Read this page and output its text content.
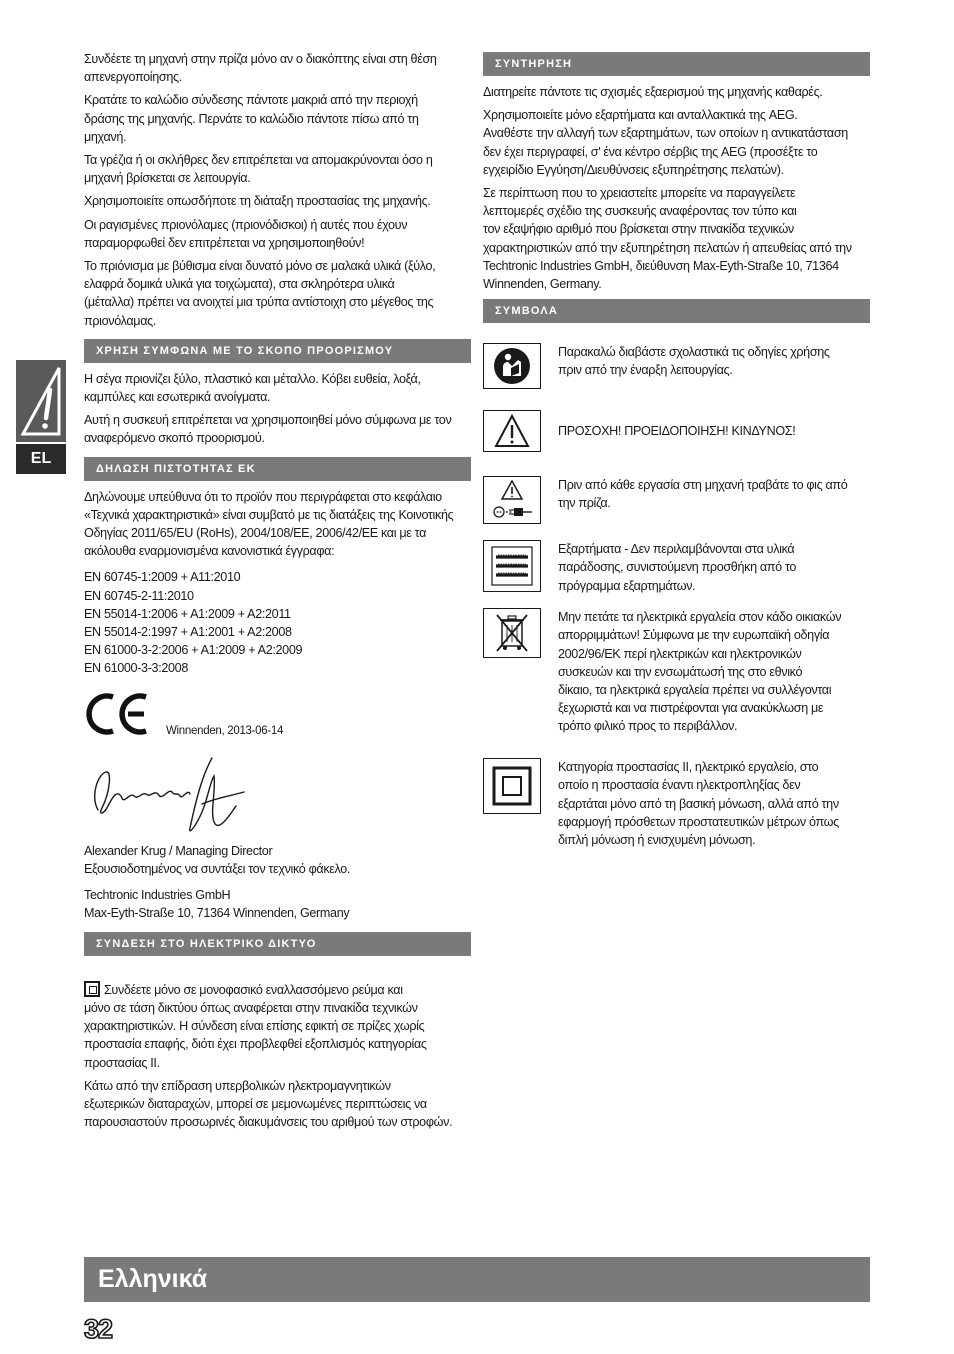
EL

Συνδέετε τη μηχανή στην πρίζα μόνο αν ο διακόπτης είναι στη θέση
απενεργοποίησης.

Κρατάτε το καλώδιο σύνδεσης πάντοτε μακριά από την περιοχή
δράσης της μηχανής. Περνάτε το καλώδιο πάντοτε πίσω από τη
μηχανή.

Τα γρέζια ή οι σκλήθρες δεν επιτρέπεται να απομακρύνονται όσο η
μηχανή βρίσκεται σε λειτουργία.

Χρησιμοποιείτε οπωσδήποτε τη διάταξη προστασίας της μηχανής.

Οι ραγισμένες πριονόλαμες (πριονόδισκοι) ή αυτές που έχουν
παραμορφωθεί δεν επιτρέπεται να χρησιμοποιηθούν!

Το πριόνισμα με βύθισμα είναι δυνατό μόνο σε μαλακά υλικά (ξύλο,
ελαφρά δομικά υλικά για τοιχώματα), στα σκληρότερα υλικά
(μέταλλα) πρέπει να ανοιχτεί μια τρύπα αντίστοιχη στο μέγεθος της
πριονόλαμας.

ΧΡΗΣΗ ΣΥΜΦΩΝΑ ΜΕ ΤΟ ΣΚΟΠΟ ΠΡΟΟΡΙΣΜΟΥ

Η σέγα πριονίζει ξύλο, πλαστικό και μέταλλο. Κόβει ευθεία, λοξά,
καμπύλες και εσωτερικά ανοίγματα.

Αυτή η συσκευή επιτρέπεται να χρησιμοποιηθεί μόνο σύμφωνα με τον
αναφερόμενο σκοπό προορισμού.

ΔΗΛΩΣΗ ΠΙΣΤΟΤΗΤΑΣ ΕΚ

Δηλώνουμε υπεύθυνα ότι το προϊόν που περιγράφεται στο κεφάλαιο
«Τεχνικά χαρακτηριστικά» είναι συμβατό με τις διατάξεις της Κοινοτικής
Οδηγίας 2011/65/EU (RoHs), 2004/108/EE, 2006/42/EE και με τα
ακόλουθα εναρμονισμένα κανονιστικά έγγραφα:

EN 60745-1:2009 + A11:2010
EN 60745-2-11:2010
EN 55014-1:2006 + A1:2009 + A2:2011
EN 55014-2:1997 + A1:2001 + A2:2008
EN 61000-3-2:2006 + A1:2009 + A2:2009
EN 61000-3-3:2008

Winnenden, 2013-06-14

Alexander Krug / Managing Director
Εξουσιοδοτημένος να συντάξει τον τεχνικό φάκελο.

Techtronic Industries GmbH
Max-Eyth-Straße 10, 71364 Winnenden, Germany

ΣΥΝΔΕΣΗ ΣΤΟ ΗΛΕΚΤΡΙΚΟ ΔΙΚΤΥΟ

Συνδέετε μόνο σε μονοφασικό εναλλασσόμενο ρεύμα και
μόνο σε τάση δικτύου όπως αναφέρεται στην πινακίδα τεχνικών
χαρακτηριστικών. Η σύνδεση είναι επίσης εφικτή σε πρίζες χωρίς
προστασία επαφής, διότι έχει προβλεφθεί εξοπλισμός κατηγορίας
προστασίας II.

Κάτω από την επίδραση υπερβολικών ηλεκτρομαγνητικών
εξωτερικών διαταραχών, μπορεί σε μεμονωμένες περιπτώσεις να
παρουσιαστούν προσωρινές διακυμάνσεις του αριθμού των στροφών.

ΣΥΝΤΗΡΗΣΗ

Διατηρείτε πάντοτε τις σχισμές εξαερισμού της μηχανής καθαρές.

Χρησιμοποιείτε μόνο εξαρτήματα και ανταλλακτικά της AEG.
Αναθέστε την αλλαγή των εξαρτημάτων, των οποίων η αντικατάσταση
δεν έχει περιγραφεί, σ' ένα κέντρο σέρβις της AEG (προσέξτε το
εγχειρίδιο Εγγύηση/Διευθύνσεις εξυπηρέτησης πελατών).

Σε περίπτωση που το χρειαστείτε μπορείτε να παραγγείλετε
λεπτομερές σχέδιο της συσκευής αναφέροντας τον τύπο και
τον εξαψήφιο αριθμό που βρίσκεται στην πινακίδα τεχνικών
χαρακτηριστικών από την εξυπηρέτηση πελατών ή απευθείας από την
Techtronic Industries GmbH, διεύθυνση Max-Eyth-Straße 10, 71364
Winnenden, Germany.

ΣΥΜΒΟΛΑ

Παρακαλώ διαβάστε σχολαστικά τις οδηγίες χρήσης
πριν από την έναρξη λειτουργίας.

ΠΡΟΣΟΧΗ! ΠΡΟΕΙΔΟΠΟΙΗΣΗ! ΚΙΝΔΥΝΟΣ!

Πριν από κάθε εργασία στη μηχανή τραβάτε το φις από
την πρίζα.

Εξαρτήματα - Δεν περιλαμβάνονται στα υλικά
παράδοσης, συνιστούμενη προσθήκη από το
πρόγραμμα εξαρτημάτων.

Μην πετάτε τα ηλεκτρικά εργαλεία στον κάδο οικιακών
απορριμμάτων! Σύμφωνα με την ευρωπαϊκή οδηγία
2002/96/ΕΚ περί ηλεκτρικών και ηλεκτρονικών
συσκευών και την ενσωμάτωσή της στο εθνικό
δίκαιο, τα ηλεκτρικά εργαλεία πρέπει να συλλέγονται
ξεχωριστά και να πιστρέφονται για ανακύκλωση με
τρόπο φιλικό προς το περιβάλλον.

Κατηγορία προστασίας II, ηλεκτρικό εργαλείο, στο
οποίο η προστασία έναντι ηλεκτροπληξίας δεν
εξαρτάται μόνο από τη βασική μόνωση, αλλά από την
εφαρμογή πρόσθετων προστατευτικών μέτρων όπως
διπλή μόνωση ή ενισχυμένη μόνωση.

Ελληνικά
32
